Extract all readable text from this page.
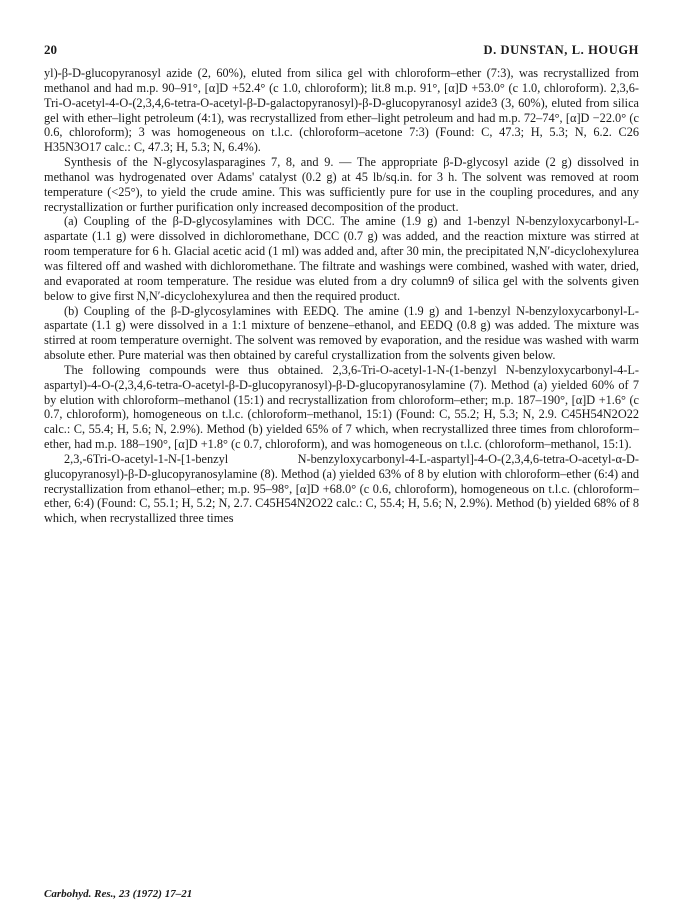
20	D. DUNSTAN, L. HOUGH

yl)-β-D-glucopyranosyl azide (2, 60%), eluted from silica gel with chloroform–ether (7:3), was recrystallized from methanol and had m.p. 90–91°, [α]D +52.4° (c 1.0, chloroform); lit.8 m.p. 91°, [α]D +53.0° (c 1.0, chloroform). 2,3,6-Tri-O-acetyl-4-O-(2,3,4,6-tetra-O-acetyl-β-D-galactopyranosyl)-β-D-glucopyranosyl azide3 (3, 60%), eluted from silica gel with ether–light petroleum (4:1), was recrystallized from ether–light petroleum and had m.p. 72–74°, [α]D −22.0° (c 0.6, chloroform); 3 was homogeneous on t.l.c. (chloroform–acetone 7:3) (Found: C, 47.3; H, 5.3; N, 6.2. C26 H35N3O17 calc.: C, 47.3; H, 5.3; N, 6.4%).

Synthesis of the N-glycosylasparagines 7, 8, and 9. — The appropriate β-D-glycosyl azide (2 g) dissolved in methanol was hydrogenated over Adams' catalyst (0.2 g) at 45 lb/sq.in. for 3 h. The solvent was removed at room temperature (<25°), to yield the crude amine. This was sufficiently pure for use in the coupling procedures, and any recrystallization or further purification only increased decomposition of the product.

(a) Coupling of the β-D-glycosylamines with DCC. The amine (1.9 g) and 1-benzyl N-benzyloxycarbonyl-L-aspartate (1.1 g) were dissolved in dichloromethane, DCC (0.7 g) was added, and the reaction mixture was stirred at room temperature for 6 h. Glacial acetic acid (1 ml) was added and, after 30 min, the precipitated N,N′-dicyclohexylurea was filtered off and washed with dichloromethane. The filtrate and washings were combined, washed with water, dried, and evaporated at room temperature. The residue was eluted from a dry column9 of silica gel with the solvents given below to give first N,N′-dicyclohexylurea and then the required product.

(b) Coupling of the β-D-glycosylamines with EEDQ. The amine (1.9 g) and 1-benzyl N-benzyloxycarbonyl-L-aspartate (1.1 g) were dissolved in a 1:1 mixture of benzene–ethanol, and EEDQ (0.8 g) was added. The mixture was stirred at room temperature overnight. The solvent was removed by evaporation, and the residue was washed with warm absolute ether. Pure material was then obtained by careful crystallization from the solvents given below.

The following compounds were thus obtained. 2,3,6-Tri-O-acetyl-1-N-(1-benzyl N-benzyloxycarbonyl-4-L-aspartyl)-4-O-(2,3,4,6-tetra-O-acetyl-β-D-glucopyranosyl)-β-D-glucopyranosylamine (7). Method (a) yielded 60% of 7 by elution with chloroform–methanol (15:1) and recrystallization from chloroform–ether; m.p. 187–190°, [α]D +1.6° (c 0.7, chloroform), homogeneous on t.l.c. (chloroform–methanol, 15:1) (Found: C, 55.2; H, 5.3; N, 2.9. C45H54N2O22 calc.: C, 55.4; H, 5.6; N, 2.9%). Method (b) yielded 65% of 7 which, when recrystallized three times from chloroform–ether, had m.p. 188–190°, [α]D +1.8° (c 0.7, chloroform), and was homogeneous on t.l.c. (chloroform–methanol, 15:1).

2,3,-6Tri-O-acetyl-1-N-[1-benzyl N-benzyloxycarbonyl-4-L-aspartyl]-4-O-(2,3,4,6-tetra-O-acetyl-α-D-glucopyranosyl)-β-D-glucopyranosylamine (8). Method (a) yielded 63% of 8 by elution with chloroform–ether (6:4) and recrystallization from ethanol–ether; m.p. 95–98°, [α]D +68.0° (c 0.6, chloroform), homogeneous on t.l.c. (chloroform–ether, 6:4) (Found: C, 55.1; H, 5.2; N, 2.7. C45H54N2O22 calc.: C, 55.4; H, 5.6; N, 2.9%). Method (b) yielded 68% of 8 which, when recrystallized three times

Carbohyd. Res., 23 (1972) 17–21
